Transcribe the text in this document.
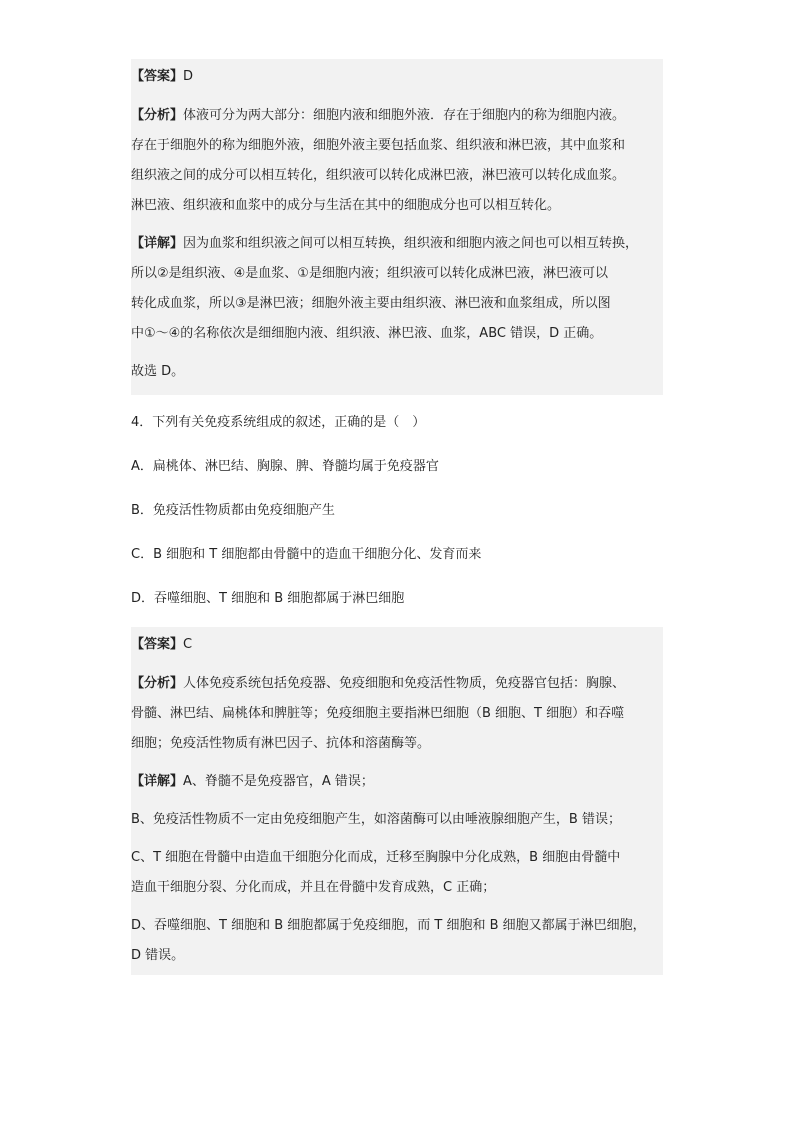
【答案】D

【分析】体液可分为两大部分：细胞内液和细胞外液．存在于细胞内的称为细胞内液。

存在于细胞外的称为细胞外液，细胞外液主要包括血浆、组织液和淋巴液，其中血浆和

组织液之间的成分可以相互转化，组织液可以转化成淋巴液，淋巴液可以转化成血浆。

淋巴液、组织液和血浆中的成分与生活在其中的细胞成分也可以相互转化。

【详解】因为血浆和组织液之间可以相互转换，组织液和细胞内液之间也可以相互转换，

所以②是组织液、④是血浆、①是细胞内液；组织液可以转化成淋巴液，淋巴液可以

转化成血浆，所以③是淋巴液；细胞外液主要由组织液、淋巴液和血浆组成，所以图

中①～④的名称依次是细细胞内液、组织液、淋巴液、血浆，ABC 错误，D 正确。

故选 D。

4．下列有关免疫系统组成的叙述，正确的是（　）
A．扁桃体、淋巴结、胸腺、脾、脊髓均属于免疫器官
B．免疫活性物质都由免疫细胞产生
C．B 细胞和 T 细胞都由骨髓中的造血干细胞分化、发育而来
D．吞噬细胞、T 细胞和 B 细胞都属于淋巴细胞

【答案】C

【分析】人体免疫系统包括免疫器、免疫细胞和免疫活性物质，免疫器官包括：胸腺、

骨髓、淋巴结、扁桃体和脾脏等；免疫细胞主要指淋巴细胞（B 细胞、T 细胞）和吞噬

细胞；免疫活性物质有淋巴因子、抗体和溶菌酶等。

【详解】A、脊髓不是免疫器官，A 错误；

B、免疫活性物质不一定由免疫细胞产生，如溶菌酶可以由唾液腺细胞产生，B 错误；

C、T 细胞在骨髓中由造血干细胞分化而成，迁移至胸腺中分化成熟，B 细胞由骨髓中

造血干细胞分裂、分化而成，并且在骨髓中发育成熟，C 正确；

D、吞噬细胞、T 细胞和 B 细胞都属于免疫细胞，而 T 细胞和 B 细胞又都属于淋巴细胞，

D 错误。
